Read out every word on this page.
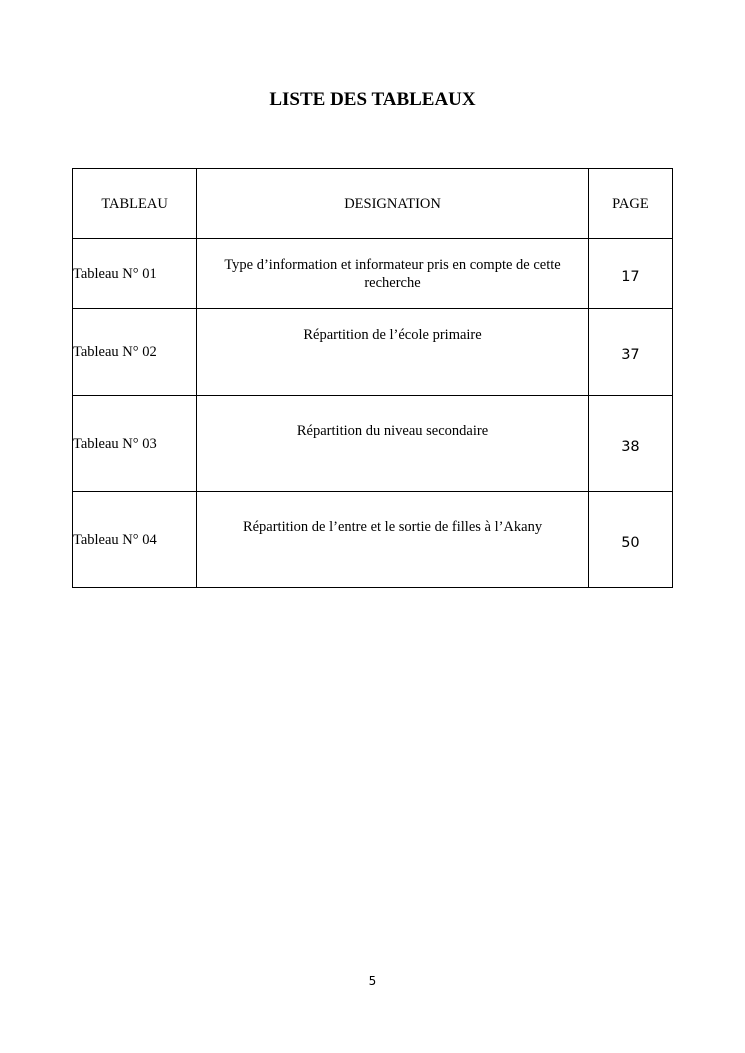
LISTE DES TABLEAUX
TABLEAU	DESIGNATION	PAGE
Tableau N° 01	Type d’information et informateur pris en compte de cette recherche	17
Tableau N° 02	Répartition de l’école primaire	37
Tableau N° 03	Répartition du niveau secondaire	38
Tableau N° 04	Répartition de l’entre et le sortie de filles à l’Akany	50
5
